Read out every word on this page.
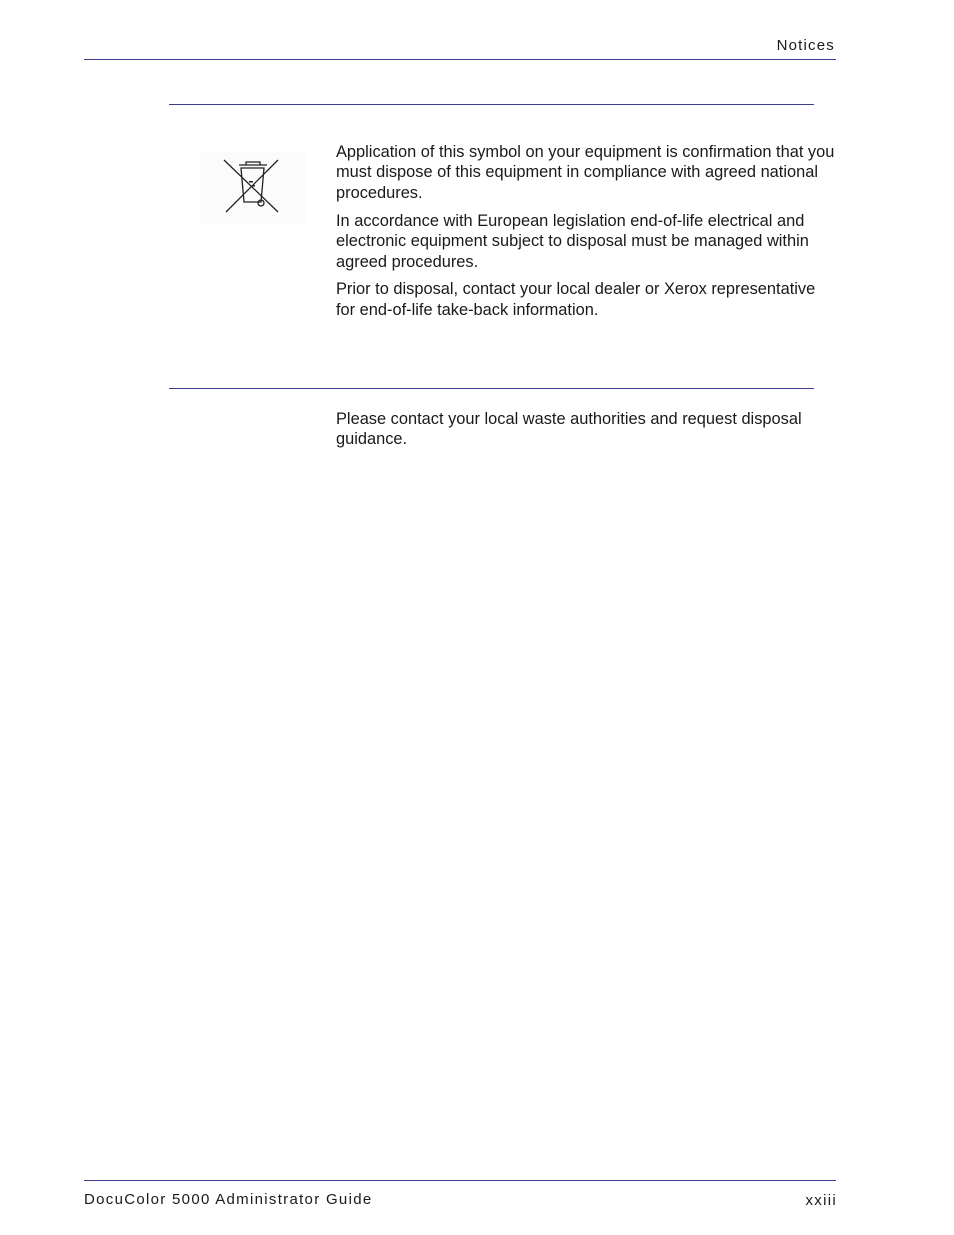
Notices

Application of this symbol on your equipment is confirmation that you must dispose of this equipment in compliance with agreed national procedures.

In accordance with European legislation end-of-life electrical and electronic equipment subject to disposal must be managed within agreed procedures.

Prior to disposal, contact your local dealer or Xerox representative for end-of-life take-back information.

Please contact your local waste authorities and request disposal guidance.

DocuColor 5000 Administrator Guide	xxiii
